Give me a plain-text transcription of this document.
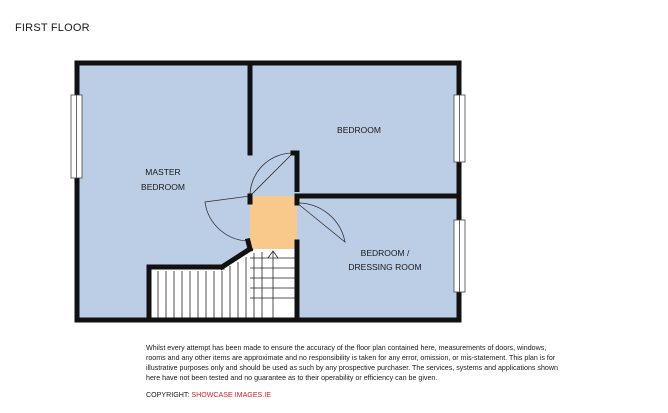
FIRST FLOOR
MASTER
BEDROOM
BEDROOM
BEDROOM /
DRESSING ROOM

Whilst every attempt has been made to ensure the accuracy of the floor plan contained here, measurements of doors, windows, rooms and any other items are approximate and no responsibility is taken for any error, omission, or mis-statement. This plan is for illustrative purposes only and should be used as such by any prospective purchaser. The services, systems and applications shown here have not been tested and no guarantee as to their operability or efficiency can be given.

COPYRIGHT: SHOWCASE IMAGES.IE
